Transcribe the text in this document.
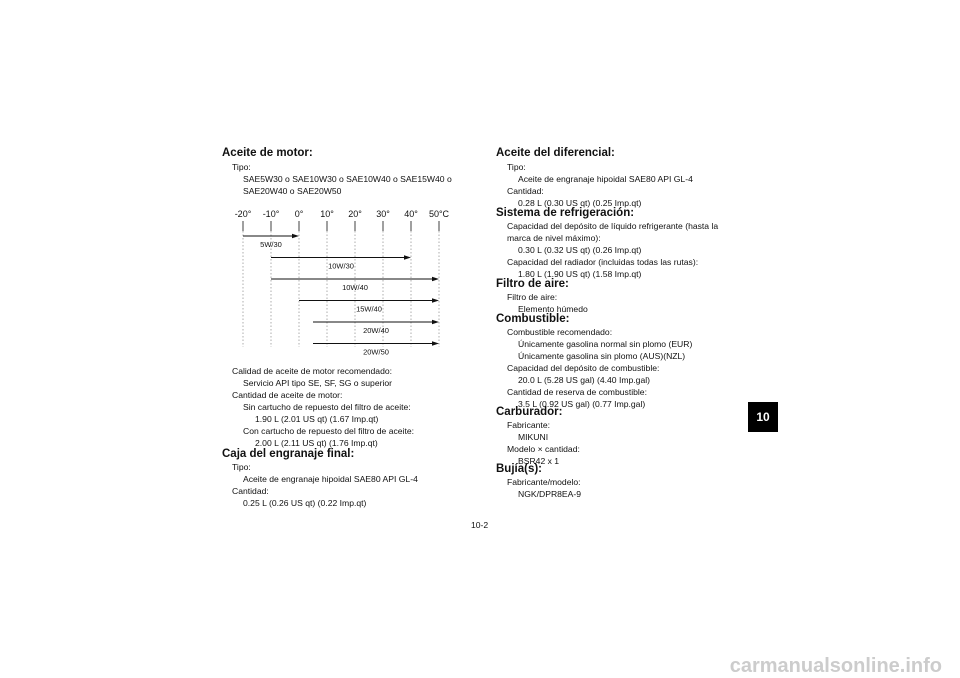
Aceite de motor:
Tipo:
SAE5W30 o SAE10W30 o SAE10W40 o SAE15W40 o
SAE20W40 o SAE20W50
-20° -10° 0° 10° 20° 30° 40° 50°C
5W/30
10W/30
10W/40
15W/40
20W/40
20W/50
Calidad de aceite de motor recomendado:
Servicio API tipo SE, SF, SG o superior
Cantidad de aceite de motor:
Sin cartucho de repuesto del filtro de aceite:
1.90 L (2.01 US qt) (1.67 Imp.qt)
Con cartucho de repuesto del filtro de aceite:
2.00 L (2.11 US qt) (1.76 Imp.qt)
Caja del engranaje final:
Tipo:
Aceite de engranaje hipoidal SAE80 API GL-4
Cantidad:
0.25 L (0.26 US qt) (0.22 Imp.qt)
Aceite del diferencial:
Tipo:
Aceite de engranaje hipoidal SAE80 API GL-4
Cantidad:
0.28 L (0.30 US qt) (0.25 Imp.qt)
Sistema de refrigeración:
Capacidad del depósito de líquido refrigerante (hasta la
marca de nivel máximo):
0.30 L (0.32 US qt) (0.26 Imp.qt)
Capacidad del radiador (incluidas todas las rutas):
1.80 L (1.90 US qt) (1.58 Imp.qt)
Filtro de aire:
Filtro de aire:
Elemento húmedo
Combustible:
Combustible recomendado:
Únicamente gasolina normal sin plomo (EUR)
Únicamente gasolina sin plomo (AUS)(NZL)
Capacidad del depósito de combustible:
20.0 L (5.28 US gal) (4.40 Imp.gal)
Cantidad de reserva de combustible:
3.5 L (0.92 US gal) (0.77 Imp.gal)
Carburador:
Fabricante:
MIKUNI
Modelo × cantidad:
BSR42 x 1
Bujía(s):
Fabricante/modelo:
NGK/DPR8EA-9
10-2
10
carmanualsonline.info
